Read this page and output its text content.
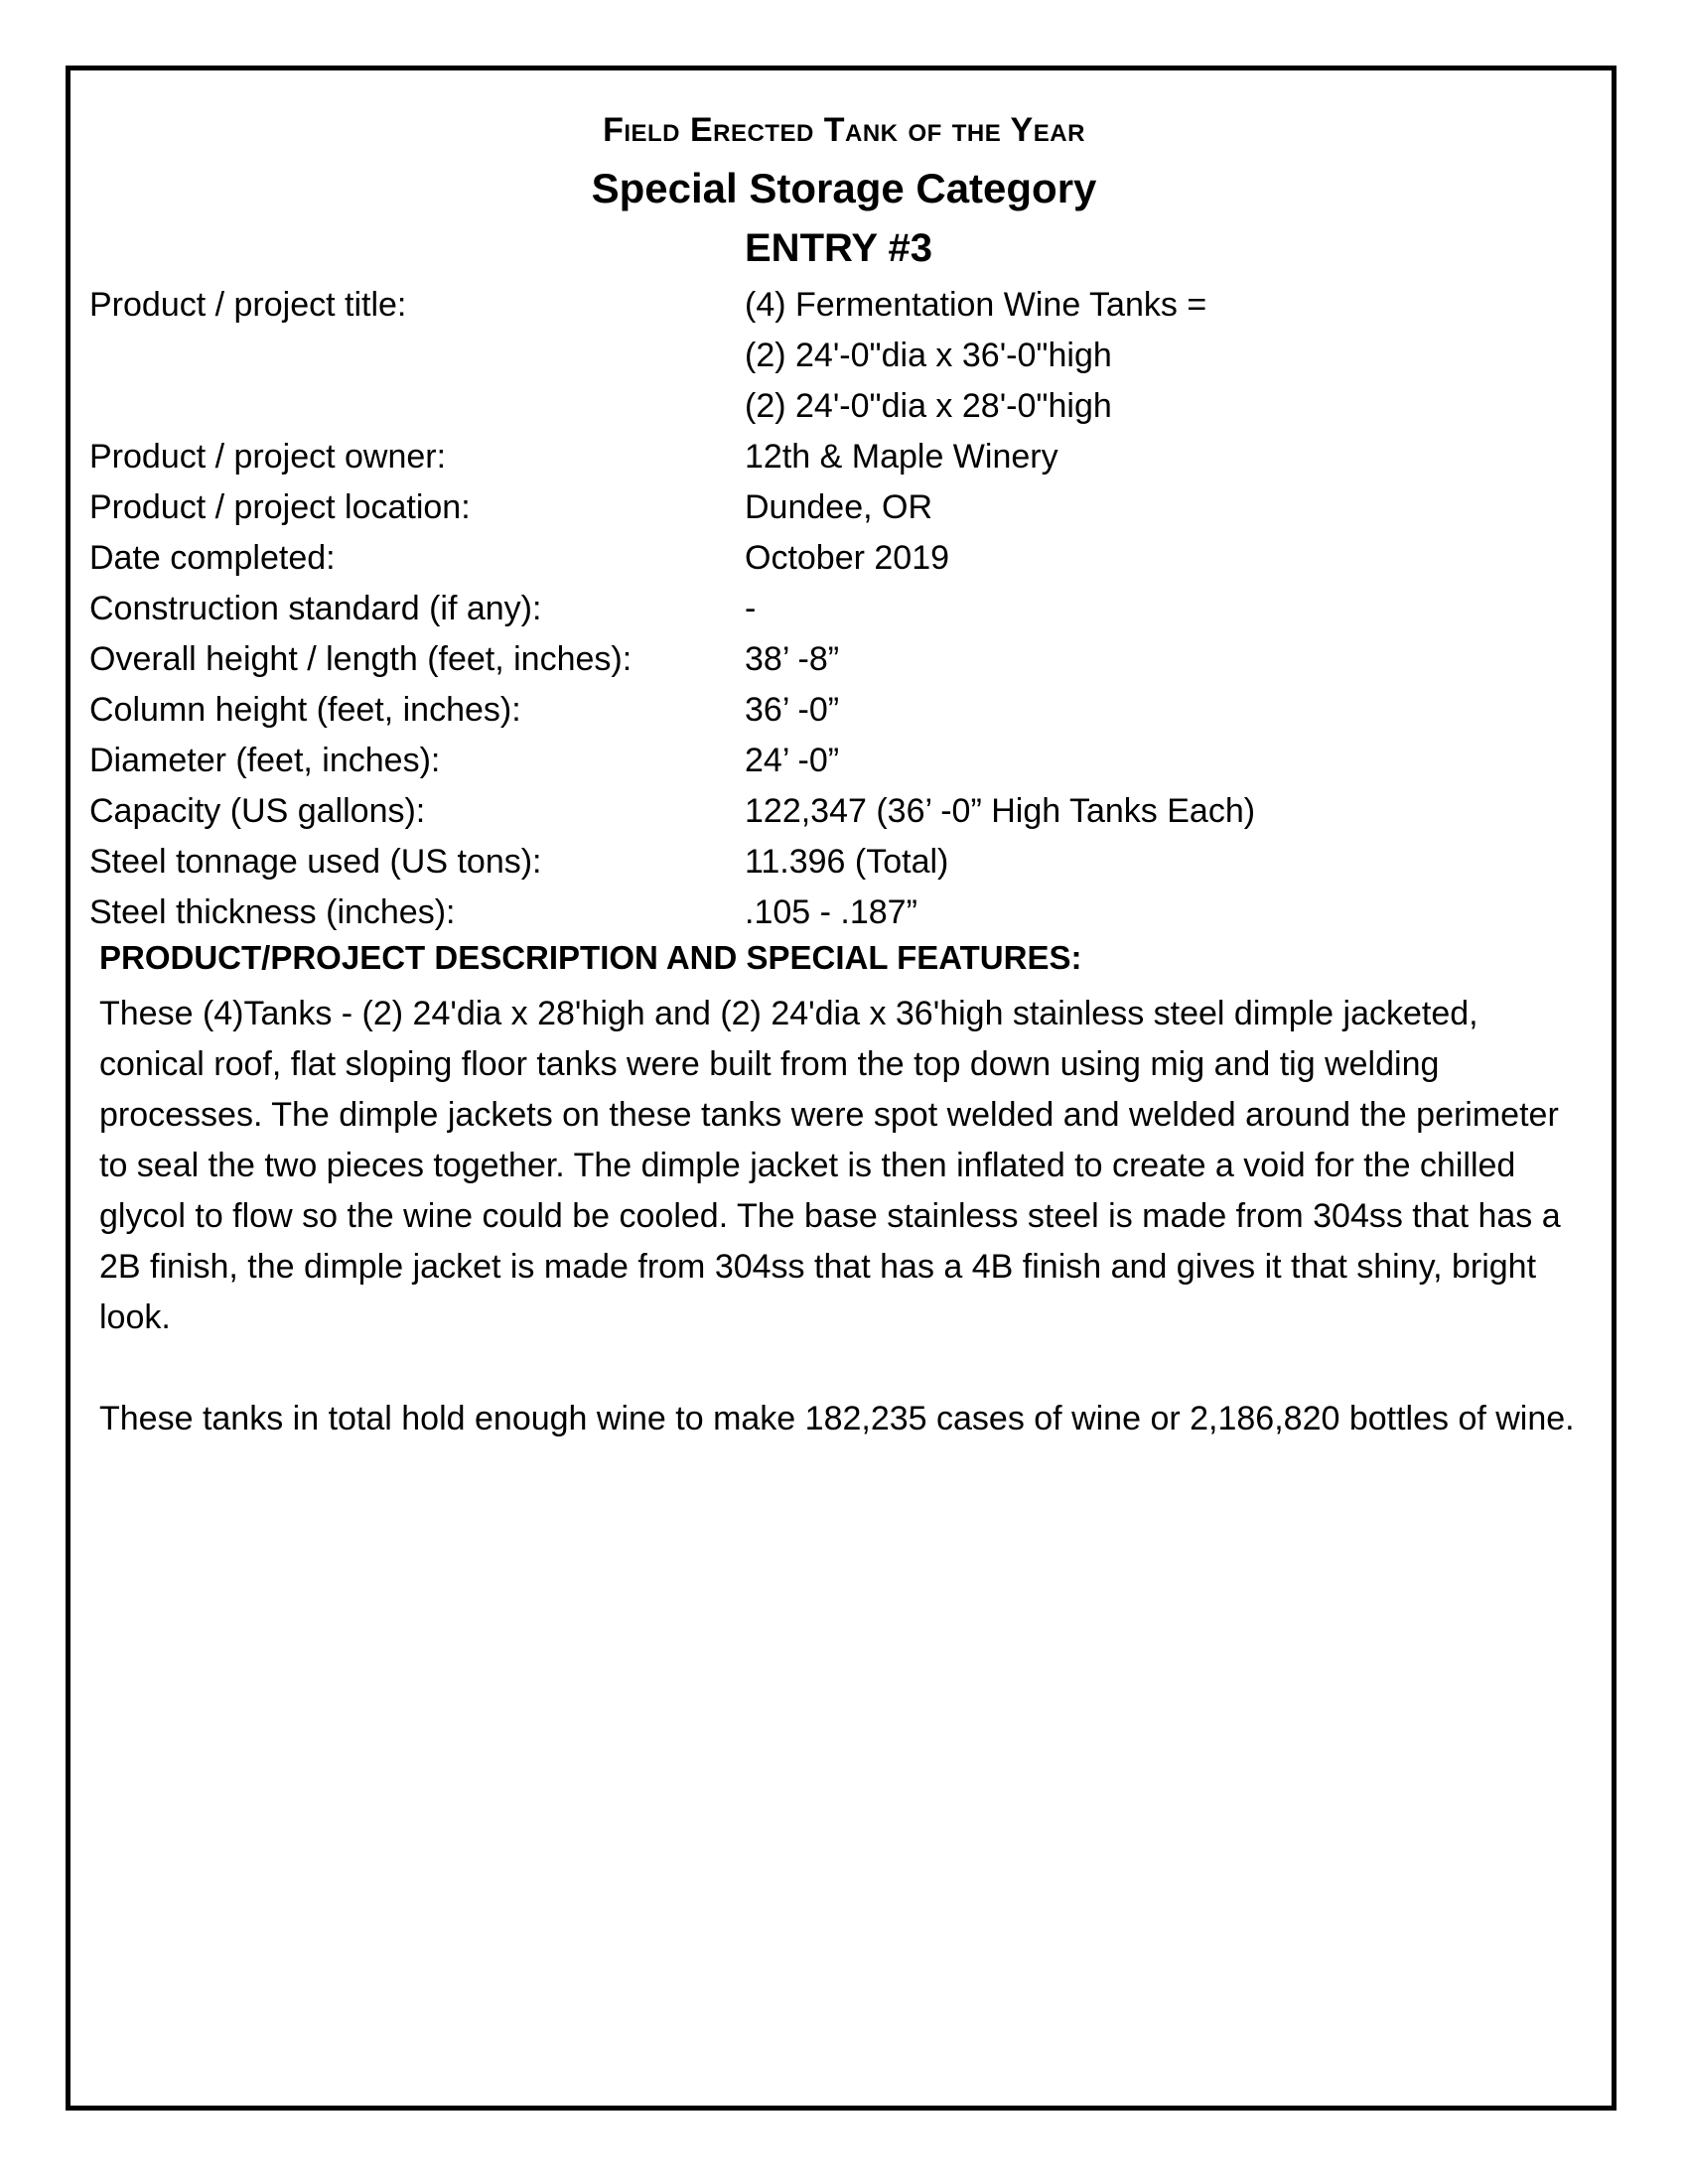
Field Erected Tank of the Year
Special Storage Category
ENTRY #3
Product / project title:	(4) Fermentation Wine Tanks =
(2) 24'-0"dia x 36'-0"high
(2) 24'-0"dia x 28'-0"high
Product / project owner:	12th & Maple Winery
Product / project location:	Dundee, OR
Date completed:	October 2019
Construction standard (if any):	-
Overall height / length (feet, inches):	38’ -8”
Column height (feet, inches):	36’ -0”
Diameter (feet, inches):	24’ -0”
Capacity (US gallons):	122,347 (36’ -0” High Tanks Each)
Steel tonnage used (US tons):	11.396 (Total)
Steel thickness (inches):	.105 - .187”
PRODUCT/PROJECT DESCRIPTION AND SPECIAL FEATURES:

These (4)Tanks - (2) 24'dia x 28'high and (2) 24'dia x 36'high stainless steel dimple jacketed, conical roof, flat sloping floor tanks were built from the top down using mig and tig welding processes. The dimple jackets on these tanks were spot welded and welded around the perimeter to seal the two pieces together. The dimple jacket is then inflated to create a void for the chilled glycol to flow so the wine could be cooled. The base stainless steel is made from 304ss that has a 2B finish, the dimple jacket is made from 304ss that has a 4B finish and gives it that shiny, bright look.

These tanks in total hold enough wine to make 182,235 cases of wine or 2,186,820 bottles of wine.
